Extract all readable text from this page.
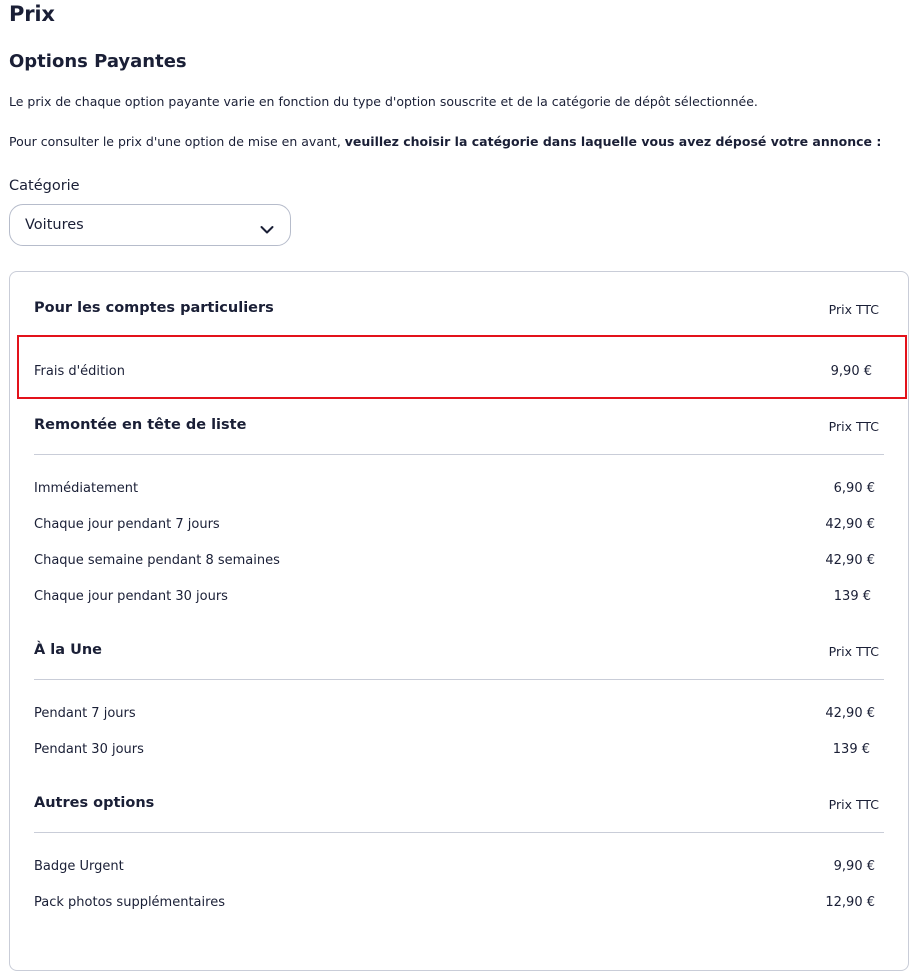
Prix
Options Payantes

Le prix de chaque option payante varie en fonction du type d'option souscrite et de la catégorie de dépôt sélectionnée.

Pour consulter le prix d'une option de mise en avant, veuillez choisir la catégorie dans laquelle vous avez déposé votre annonce :

Catégorie
Voitures
Pour les comptes particuliers	Prix TTC
Frais d'édition	9,90 €
Remontée en tête de liste	Prix TTC
Immédiatement	6,90 €
Chaque jour pendant 7 jours	42,90 €
Chaque semaine pendant 8 semaines	42,90 €
Chaque jour pendant 30 jours	139 €
À la Une	Prix TTC
Pendant 7 jours	42,90 €
Pendant 30 jours	139 €
Autres options	Prix TTC
Badge Urgent	9,90 €
Pack photos supplémentaires	12,90 €
